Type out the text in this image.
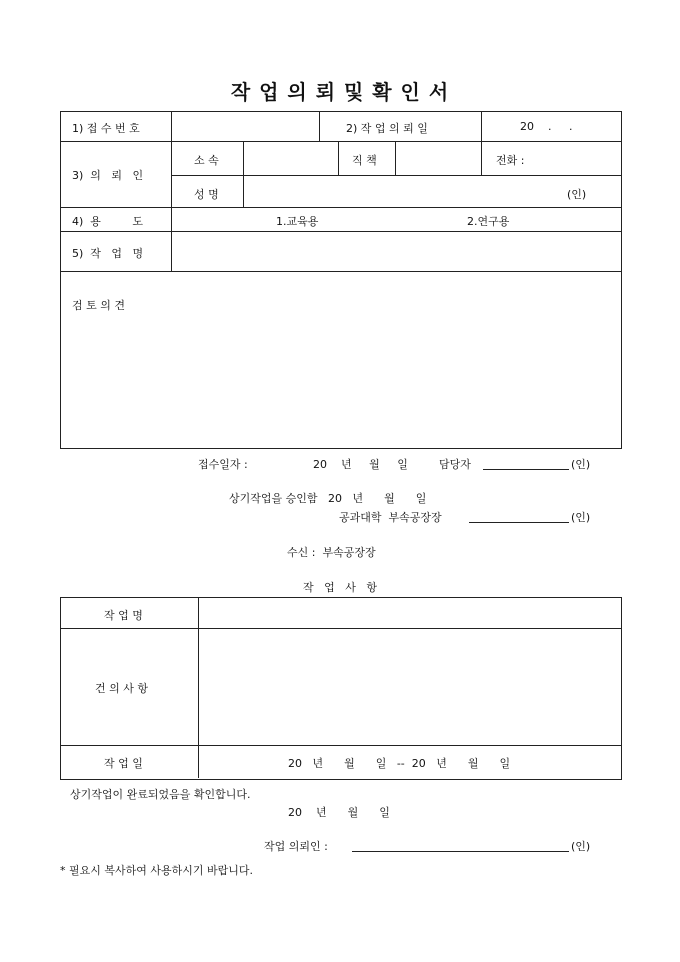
작 업 의 뢰 및 확 인 서
1) 접 수 번 호	2) 작 업 의 뢰 일	20    .     .
3)  의   뢰   인
소 속	직 책	전화 :
성 명	(인)
4)  용         도	1.교육용	2.연구용
5)  작   업   명
검 토 의 견
접수일자 :	20    년     월     일	담당자	(인)
상기작업을 승인함   20   년      월      일
공과대학  부속공장장	(인)
수신 :  부속공장장
작   업   사   항
작 업 명
건 의 사 항
작 업 일	20   년      월      일   --  20   년      월      일
상기작업이 완료되었음을 확인합니다.
20    년      월      일
작업 의뢰인 :	(인)
* 필요시 복사하여 사용하시기 바랍니다.
